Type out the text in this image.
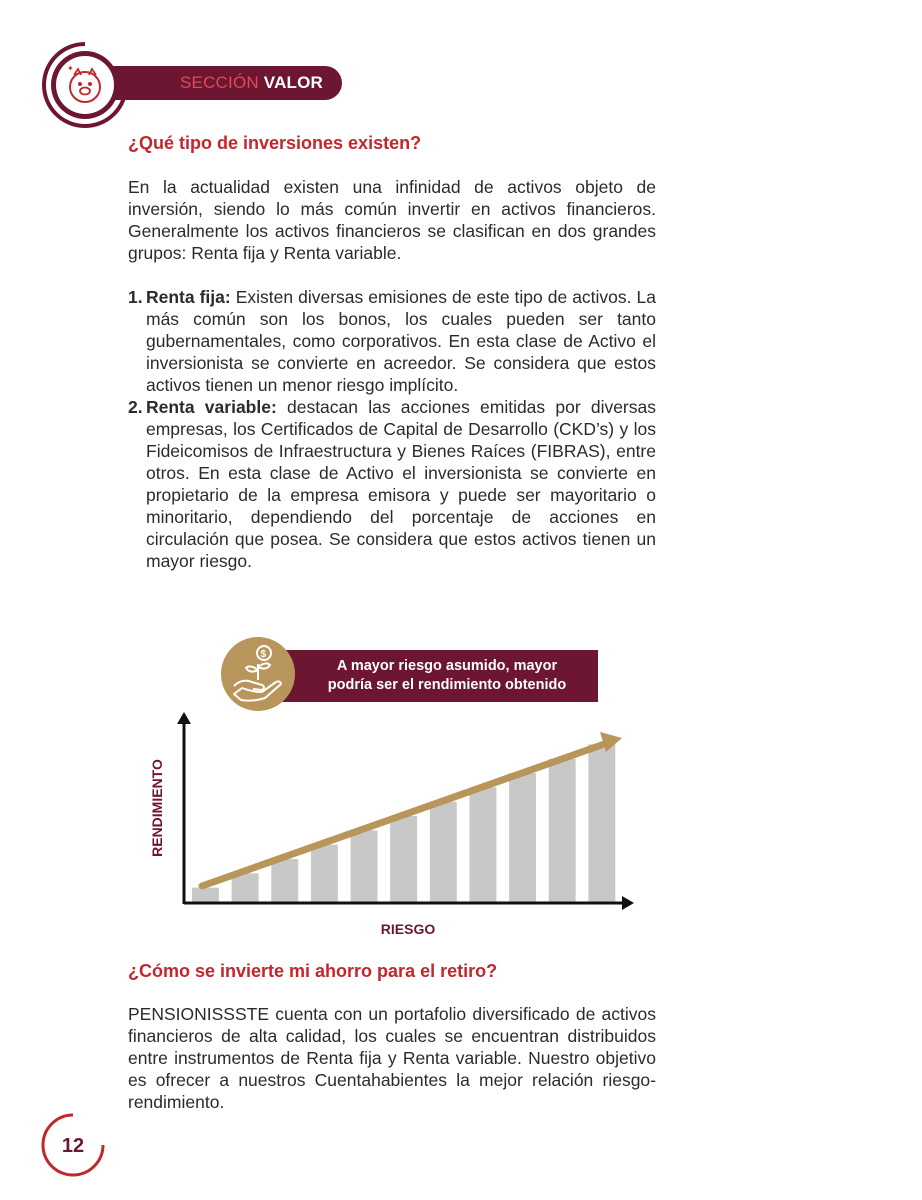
✦
SECCIÓN VALOR
¿Qué tipo de inversiones existen?

En la actualidad existen una infinidad de activos objeto de inversión, siendo lo más común invertir en activos financieros. Generalmente los activos financieros se clasifican en dos grandes grupos: Renta fija y Renta variable.

1. Renta fija: Existen diversas emisiones de este tipo de activos. La más común son los bonos, los cuales pueden ser tanto gubernamentales, como corporativos. En esta clase de Activo el inversionista se convierte en acreedor. Se considera que estos activos tienen un menor riesgo implícito.
2. Renta variable: destacan las acciones emitidas por diversas empresas, los Certificados de Capital de Desarrollo (CKD’s) y los Fideicomisos de Infraestructura y Bienes Raíces (FIBRAS), entre otros. En esta clase de Activo el inversionista se convierte en propietario de la empresa emisora y puede ser mayoritario o minoritario, dependiendo del porcentaje de acciones en circulación que posea. Se considera que estos activos tienen un mayor riesgo.
A mayor riesgo asumido, mayor
podría ser el rendimiento obtenido
$
RENDIMIENTO
RIESGO
¿Cómo se invierte mi ahorro para el retiro?

PENSIONISSSTE cuenta con un portafolio diversificado de activos financieros de alta calidad, los cuales se encuentran distribuidos entre instrumentos de Renta fija y Renta variable. Nuestro objetivo es ofrecer a nuestros Cuentahabientes la mejor relación riesgo-rendimiento.

12
